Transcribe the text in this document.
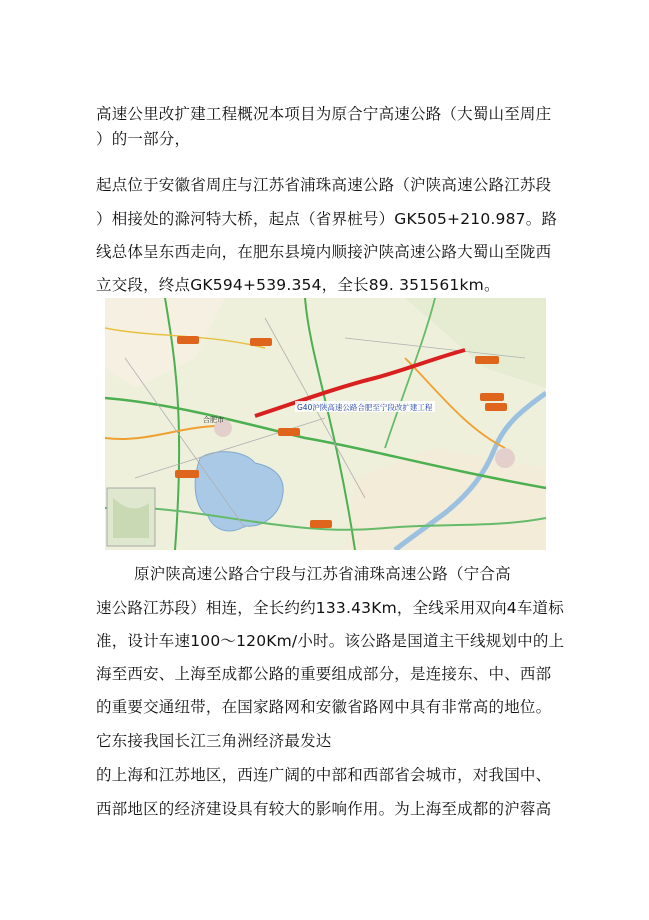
高速公里改扩建工程概况本项目为原合宁高速公路（大蜀山至周庄
）的一部分，
起点位于安徽省周庄与江苏省浦珠高速公路（沪陕高速公路江苏段
）相接处的滁河特大桥，起点（省界桩号）GK505+210.987。路
线总体呈东西走向，在肥东县境内顺接沪陕高速公路大蜀山至陇西
立交段，终点GK594+539.354，全长89. 351561km。
G40沪陕高速公路合肥至宁段改扩建工程
合肥市
原沪陕高速公路合宁段与江苏省浦珠高速公路（宁合高
速公路江苏段）相连，全长约约133.43Km，全线采用双向4车道标
准，设计车速100～120Km/小时。该公路是国道主干线规划中的上
海至西安、上海至成都公路的重要组成部分，是连接东、中、西部
的重要交通纽带，在国家路网和安徽省路网中具有非常高的地位。
它东接我国长江三角洲经济最发达
的上海和江苏地区，西连广阔的中部和西部省会城市，对我国中、
西部地区的经济建设具有较大的影响作用。为上海至成都的沪蓉高
